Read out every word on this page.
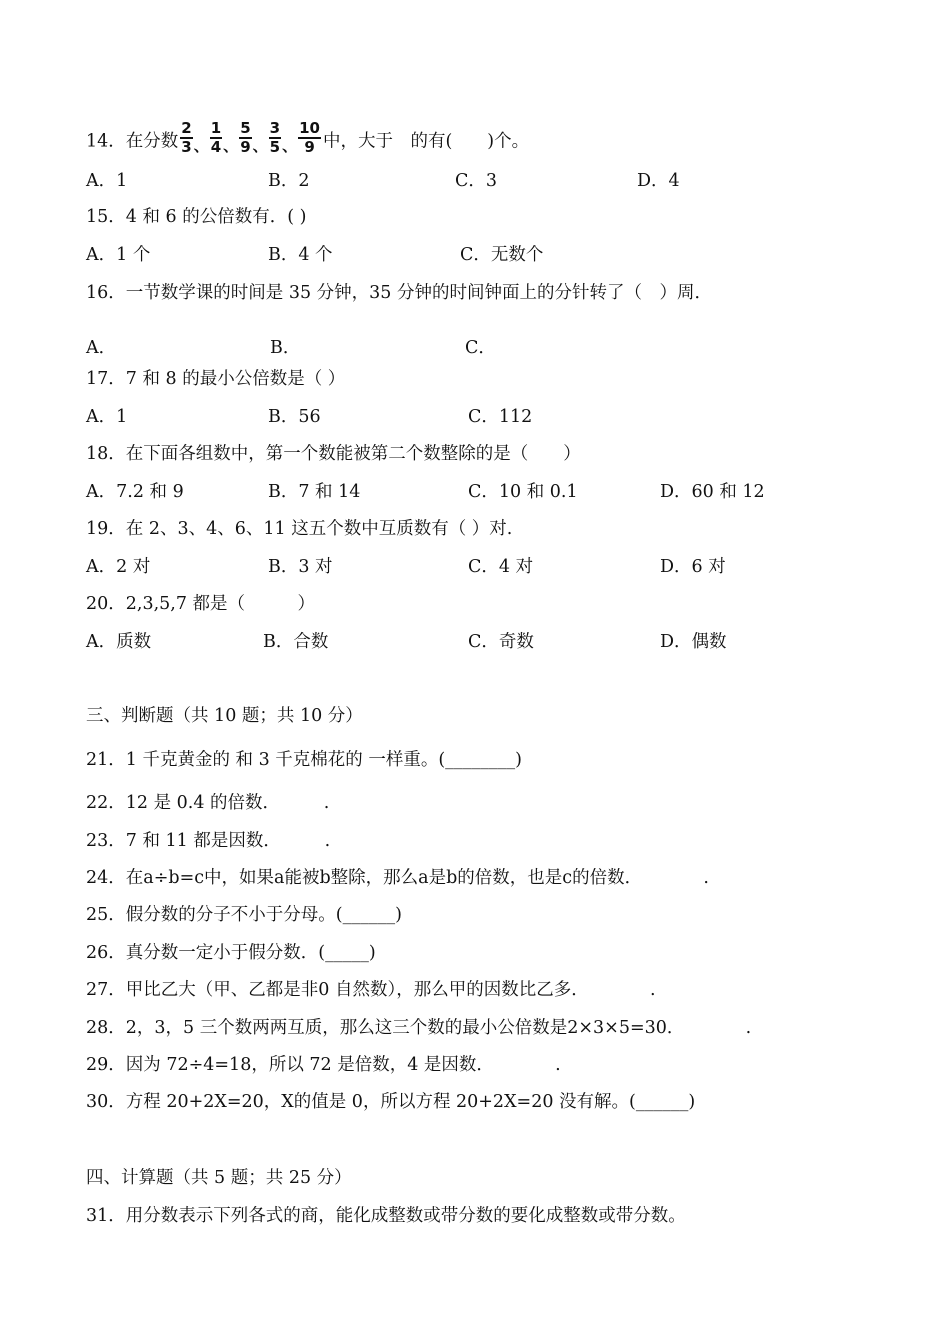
14．在分数 $\frac{2}{3}$ 、 $\frac{1}{4}$ 、 $\frac{5}{9}$ 、 $\frac{3}{5}$ 、 $\frac{10}{9}$ 中，大于　的有(　　)个。
A．1	B．2	C．3	D．4
15．4 和 6 的公倍数有．( )
A．1 个	B．4 个	C．无数个
16．一节数学课的时间是 35 分钟，35 分钟的时间钟面上的分针转了（　）周．
A．	B．	C．
17．7 和 8 的最小公倍数是（ ）
A．1	B．56	C．112
18．在下面各组数中，第一个数能被第二个数整除的是（　　）
A．7.2 和 9	B．7 和 14	C．10 和 0.1	D．60 和 12
19．在 2、3、4、6、11 这五个数中互质数有（ ）对.
A．2 对	B．3 对	C．4 对	D．6 对
20．2,3,5,7 都是（　　　）
A．质数	B．合数	C．奇数	D．偶数
三、判断题（共 10 题；共 10 分）
21．1 千克黄金的 和 3 千克棉花的 一样重。(________)
22．12 是 0.4 的倍数．　　　.
23．7 和 11 都是因数．　　　.
24．在a÷b=c中，如果a能被b整除，那么a是b的倍数，也是c的倍数．　　　　.
25．假分数的分子不小于分母。(______)
26．真分数一定小于假分数．(_____)
27．甲比乙大（甲、乙都是非0 自然数），那么甲的因数比乙多．　　　　.
28．2，3，5 三个数两两互质，那么这三个数的最小公倍数是2×3×5=30．　　　　.
29．因为 72÷4=18，所以 72 是倍数，4 是因数．　　　　.
30．方程 20+2X=20，X的值是 0，所以方程 20+2X=20 没有解。(______)
四、计算题（共 5 题；共 25 分）
31．用分数表示下列各式的商，能化成整数或带分数的要化成整数或带分数。
